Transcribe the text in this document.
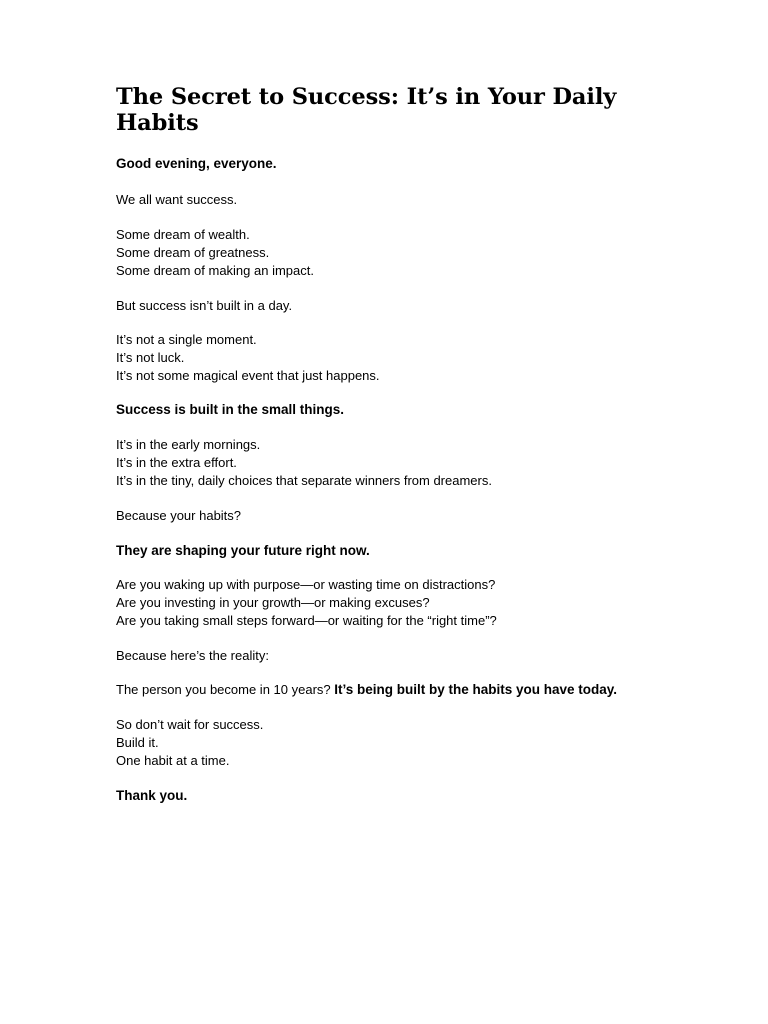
The Secret to Success: It’s in Your Daily Habits

Good evening, everyone.

We all want success.

Some dream of wealth.
Some dream of greatness.
Some dream of making an impact.

But success isn’t built in a day.

It’s not a single moment.
It’s not luck.
It’s not some magical event that just happens.

Success is built in the small things.

It’s in the early mornings.
It’s in the extra effort.
It’s in the tiny, daily choices that separate winners from dreamers.

Because your habits?

They are shaping your future right now.

Are you waking up with purpose—or wasting time on distractions?
Are you investing in your growth—or making excuses?
Are you taking small steps forward—or waiting for the “right time”?

Because here’s the reality:

The person you become in 10 years? It’s being built by the habits you have today.

So don’t wait for success.
Build it.
One habit at a time.

Thank you.
